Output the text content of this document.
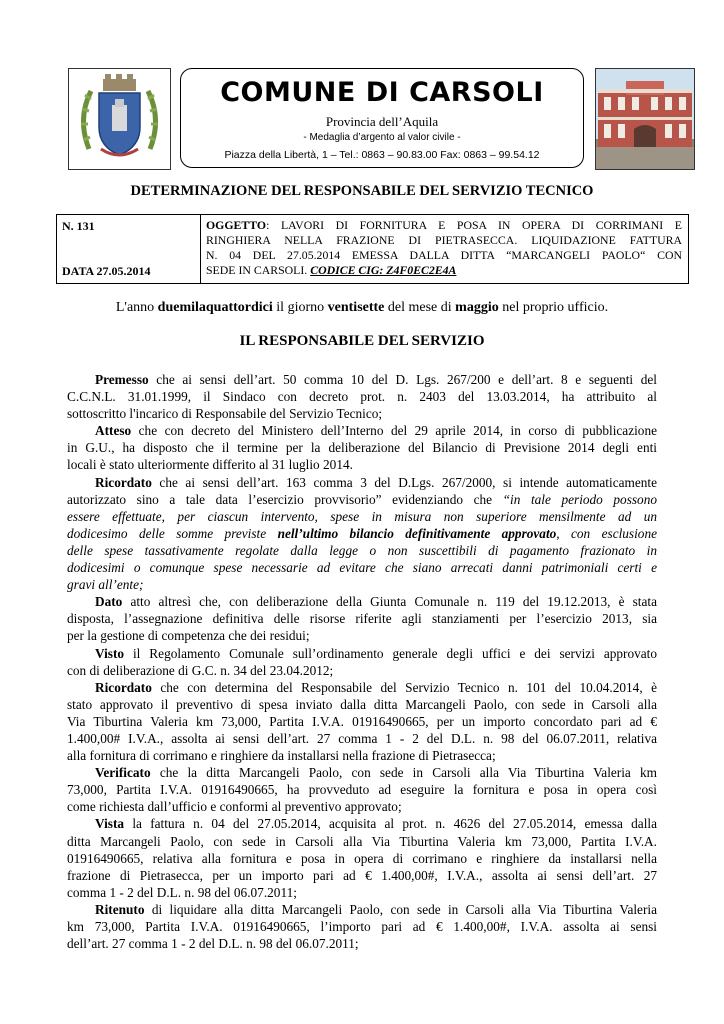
COMUNE DI CARSOLI
Provincia dell’Aquila
- Medaglia d’argento al valor civile -
Piazza della Libertà, 1 – Tel.: 0863 – 90.83.00 Fax: 0863 – 99.54.12
DETERMINAZIONE DEL RESPONSABILE DEL SERVIZIO TECNICO
N. 131
DATA 27.05.2014
OGGETTO: LAVORI DI FORNITURA E POSA IN OPERA DI CORRIMANI E
RINGHIERA NELLA FRAZIONE DI PIETRASECCA. LIQUIDAZIONE FATTURA
N. 04 DEL 27.05.2014 EMESSA DALLA DITTA “MARCANGELI PAOLO“ CON
SEDE IN CARSOLI. CODICE CIG: Z4F0EC2E4A
L'anno duemilaquattordici il giorno ventisette del mese di maggio nel proprio ufficio.
IL RESPONSABILE DEL SERVIZIO
Premesso che ai sensi dell’art. 50 comma 10 del D. Lgs. 267/200 e dell’art. 8 e seguenti del
C.C.N.L. 31.01.1999, il Sindaco con decreto prot. n. 2403 del 13.03.2014, ha attribuito al
sottoscritto l'incarico di Responsabile del Servizio Tecnico;
Atteso che con decreto del Ministero dell’Interno del 29 aprile 2014, in corso di pubblicazione
in G.U., ha disposto che il termine per la deliberazione del Bilancio di Previsione 2014 degli enti
locali è stato ulteriormente differito al 31 luglio 2014.
Ricordato che ai sensi dell’art. 163 comma 3 del D.Lgs. 267/2000, si intende automaticamente
autorizzato sino a tale data l’esercizio provvisorio” evidenziando che “in tale periodo possono
essere effettuate, per ciascun intervento, spese in misura non superiore mensilmente ad un
dodicesimo delle somme previste nell’ultimo bilancio definitivamente approvato, con esclusione
delle spese tassativamente regolate dalla legge o non suscettibili di pagamento frazionato in
dodicesimi o comunque spese necessarie ad evitare che siano arrecati danni patrimoniali certi e
gravi all’ente;
Dato atto altresì che, con deliberazione della Giunta Comunale n. 119 del 19.12.2013, è stata
disposta, l’assegnazione definitiva delle risorse riferite agli stanziamenti per l’esercizio 2013, sia
per la gestione di competenza che dei residui;
Visto il Regolamento Comunale sull’ordinamento generale degli uffici e dei servizi approvato
con di deliberazione di G.C. n. 34 del 23.04.2012;
Ricordato che con determina del Responsabile del Servizio Tecnico n. 101 del 10.04.2014, è
stato approvato il preventivo di spesa inviato dalla ditta Marcangeli Paolo, con sede in Carsoli alla
Via Tiburtina Valeria km 73,000, Partita I.V.A. 01916490665, per un importo concordato pari ad €
1.400,00# I.V.A., assolta ai sensi dell’art. 27 comma 1 - 2 del D.L. n. 98 del 06.07.2011, relativa
alla fornitura di corrimano e ringhiere da installarsi nella frazione di Pietrasecca;
Verificato che la ditta Marcangeli Paolo, con sede in Carsoli alla Via Tiburtina Valeria km
73,000, Partita I.V.A. 01916490665, ha provveduto ad eseguire la fornitura e posa in opera così
come richiesta dall’ufficio e conformi al preventivo approvato;
Vista la fattura n. 04 del 27.05.2014, acquisita al prot. n. 4626 del 27.05.2014, emessa dalla
ditta Marcangeli Paolo, con sede in Carsoli alla Via Tiburtina Valeria km 73,000, Partita I.V.A.
01916490665, relativa alla fornitura e posa in opera di corrimano e ringhiere da installarsi nella
frazione di Pietrasecca, per un importo pari ad € 1.400,00#, I.V.A., assolta ai sensi dell’art. 27
comma 1 - 2 del D.L. n. 98 del 06.07.2011;
Ritenuto di liquidare alla ditta Marcangeli Paolo, con sede in Carsoli alla Via Tiburtina Valeria
km 73,000, Partita I.V.A. 01916490665, l’importo pari ad € 1.400,00#, I.V.A. assolta ai sensi
dell’art. 27 comma 1 - 2 del D.L. n. 98 del 06.07.2011;
